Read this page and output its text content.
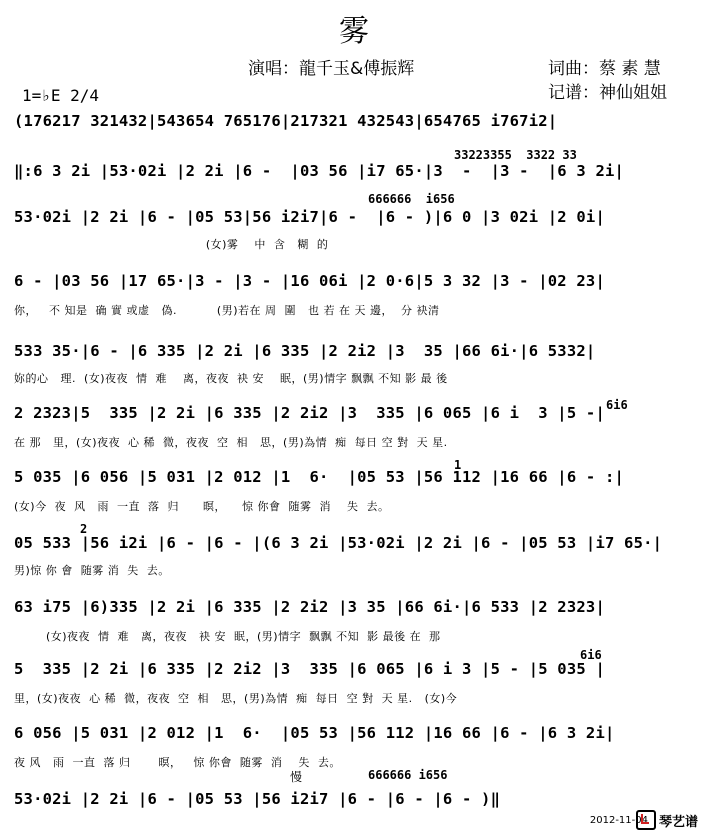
雾
演唱：龍千玉&傅振辉	词曲：蔡 素 慧
记谱：神仙姐姐
1=♭E 2/4
33223355  3322 33
666666  i656
6i6
1
2
6i6
666666 i656
慢
(176217 321432|543654 765176|217321 432543|654765 i767i2|
‖:6 3 2i |53·02i |2 2i |6 -  |03 56 |i7 65·|3  -  |3 -  |6 3 2i|
53·02i |2 2i |6 - |05 53|56 i2i7|6 -  |6 - )|6 0 |3 02i |2 0i|
(女)雾    中  含   糊  的
6 - |03 56 |17 65·|3 - |3 - |16 06i |2 0·6|5 3 32 |3 - |02 23|
你，   不 知是  确 實 或虚   偽.          (男)若在 周  圍   也 若 在 天 邊，  分 袂清
533 35·|6 - |6 335 |2 2i |6 335 |2 2i2 |3  35 |66 6i·|6 5332|
妳的心   理.  (女)夜夜  情  难    离，夜夜  袂 安    眠，(男)情字 飘飘 不知 影 最 後
2 2323|5  335 |2 2i |6 335 |2 2i2 |3  335 |6 065 |6 i  3 |5 -|
在 那   里，(女)夜夜  心 稀  微，夜夜  空  相   思，(男)為情  痴  每日 空 對  天 星.
5 035 |6 056 |5 031 |2 012 |1  6·  |05 53 |56 112 |16 66 |6 - :|
(女)今  夜  风   雨  一直  落  归      暝，    惊 你會  随雾  消    失  去。
05 533 |56 i2i |6 - |6 - |(6 3 2i |53·02i |2 2i |6 - |05 53 |i7 65·|
男)惊 你 會  随雾 消  失  去。
63 i75 |6)335 |2 2i |6 335 |2 2i2 |3 35 |66 6i·|6 533 |2 2323|
(女)夜夜  情  难   离，夜夜   袂 安  眠，(男)情字  飘飘 不知  影 最後 在  那
5  335 |2 2i |6 335 |2 2i2 |3  335 |6 065 |6 i 3 |5 - |5 035 |
里，(女)夜夜  心 稀  微，夜夜  空  相   思，(男)為情  痴  每日  空 對  天 星.   (女)今
6 056 |5 031 |2 012 |1  6·  |05 53 |56 112 |16 66 |6 - |6 3 2i|
夜 风   雨  一直  落 归       暝，   惊 你會  随雾  消    失  去。
53·02i |2 2i |6 - |05 53 |56 i2i7 |6 - |6 - |6 - )‖
2012-11-04 琴艺谱
